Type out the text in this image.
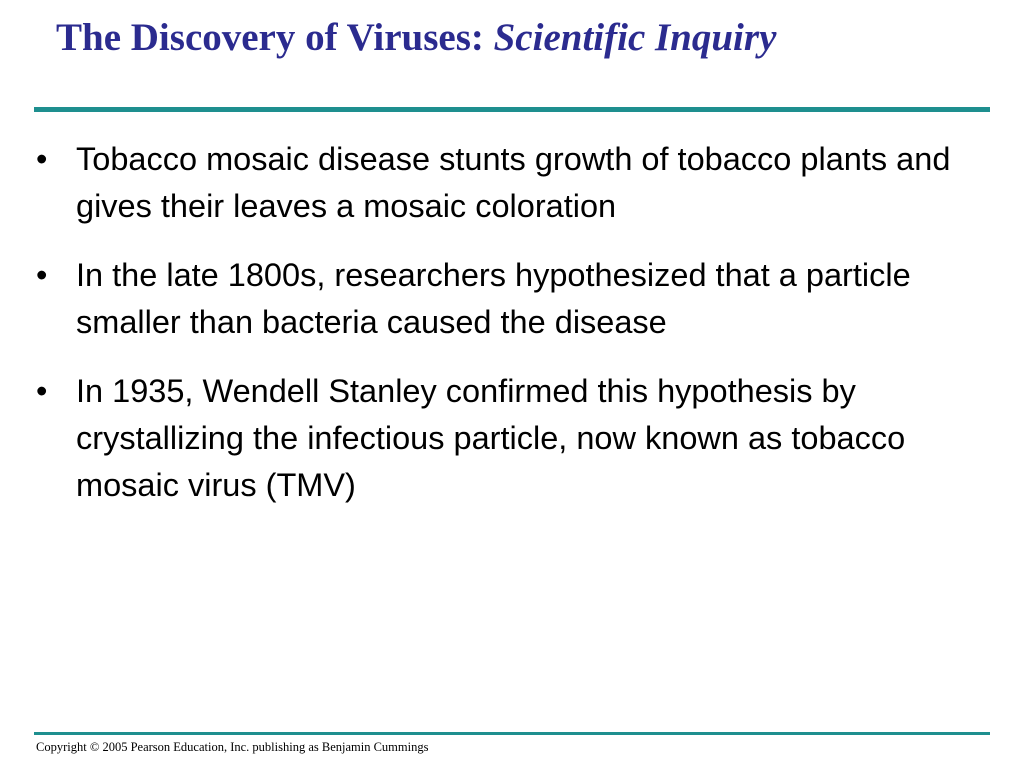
The Discovery of Viruses: Scientific Inquiry
• Tobacco mosaic disease stunts growth of tobacco plants and gives their leaves a mosaic coloration
• In the late 1800s, researchers hypothesized that a particle smaller than bacteria caused the disease
• In 1935, Wendell Stanley confirmed this hypothesis by crystallizing the infectious particle, now known as tobacco mosaic virus (TMV)

Copyright © 2005 Pearson Education, Inc. publishing as Benjamin Cummings
